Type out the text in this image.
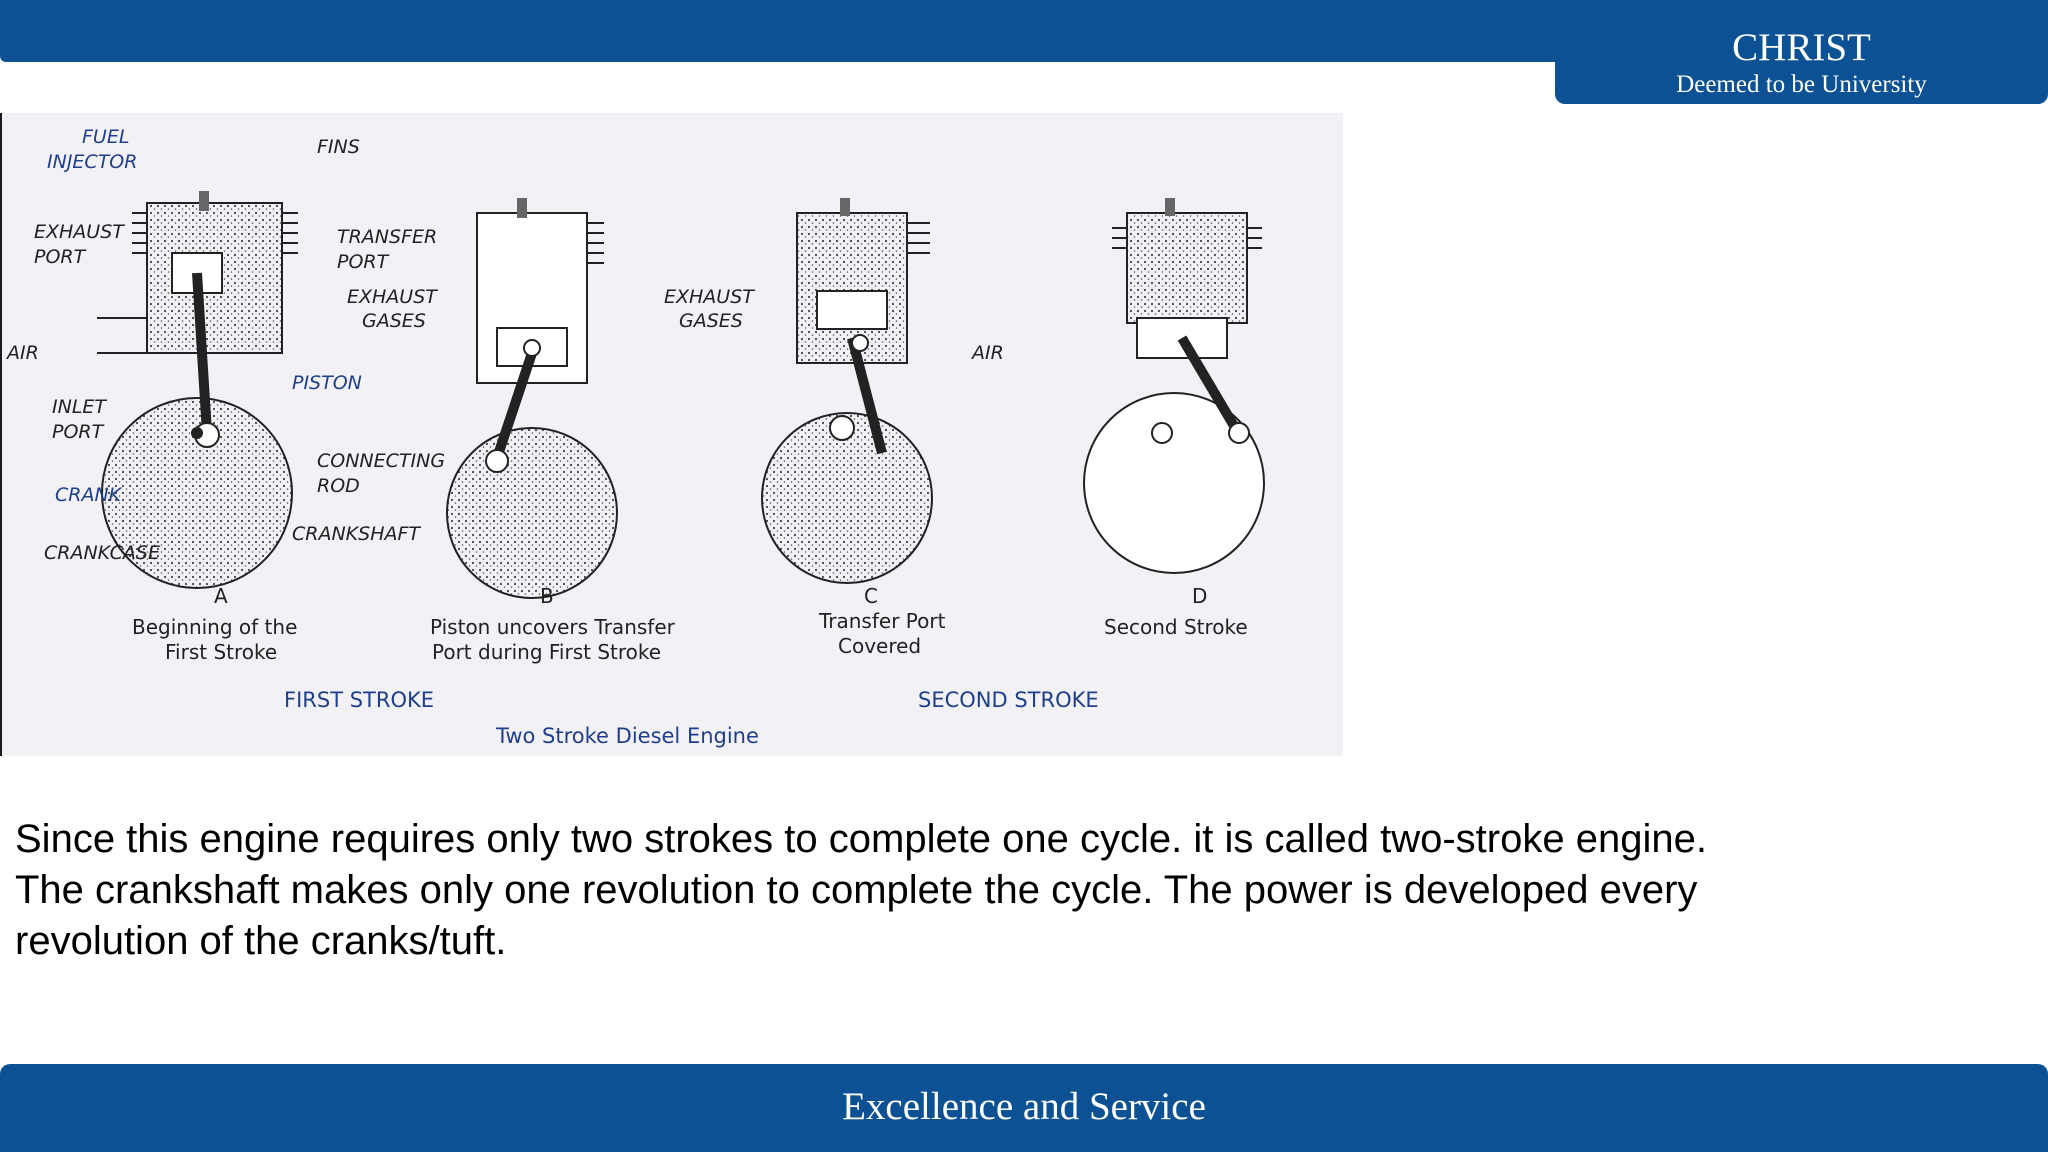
CHRIST
Deemed to be University
FUEL
INJECTOR
FINS
EXHAUST
PORT
TRANSFER
PORT
EXHAUST
GASES
EXHAUST
GASES
AIR	AIR
PISTON
INLET
PORT
CONNECTING
ROD
CRANK
CRANKSHAFT
CRANKCASE
A
Beginning of the
First Stroke
B
Piston uncovers Transfer
Port during First Stroke
C
Transfer Port
Covered
D
Second Stroke
FIRST STROKE	SECOND STROKE
Two Stroke Diesel Engine

Since this engine requires only two strokes to complete one cycle. it is called two-stroke engine.
The crankshaft makes only one revolution to complete the cycle. The power is developed every
revolution of the cranks/tuft.

Excellence and Service
